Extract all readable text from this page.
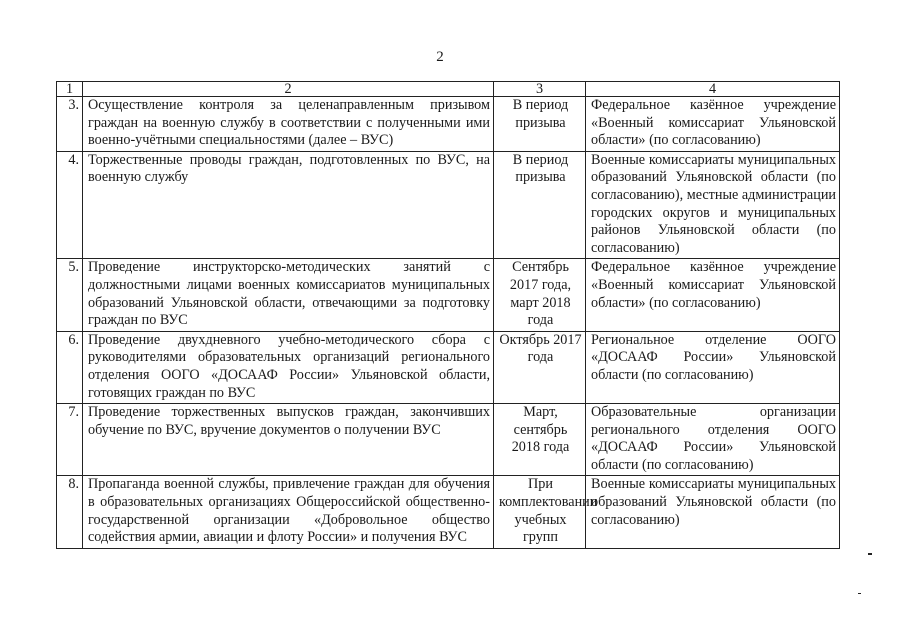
2
1	2	3	4
3.	Осуществление контроля за целенаправленным призывом граждан на военную службу в соответствии с полученными ими военно-учётными специальностями (далее – ВУС)	В период призыва	Федеральное казённое учреждение «Военный комиссариат Ульяновской области» (по согласованию)
4.	Торжественные проводы граждан, подготовленных по ВУС, на военную службу	В период призыва	Военные комиссариаты муниципальных образований Ульяновской области (по согласованию), местные администрации городских округов и муниципальных районов Ульяновской области (по согласованию)
5.	Проведение инструкторско-методических занятий с должностными лицами военных комиссариатов муниципальных образований Ульяновской области, отвечающими за подготовку граждан по ВУС	Сентябрь 2017 года, март 2018 года	Федеральное казённое учреждение «Военный комиссариат Ульяновской области» (по согласованию)
6.	Проведение двухдневного учебно-методического сбора с руководителями образовательных организаций регионального отделения ООГО «ДОСААФ России» Ульяновской области, готовящих граждан по ВУС	Октябрь 2017 года	Региональное отделение ООГО «ДОСААФ России» Ульяновской области (по согласованию)
7.	Проведение торжественных выпусков граждан, закончивших обучение по ВУС, вручение документов о получении ВУС	Март, сентябрь 2018 года	Образовательные организации регионального отделения ООГО «ДОСААФ России» Ульяновской области (по согласованию)
8.	Пропаганда военной службы, привлечение граждан для обучения в образовательных организациях Общероссийской общественно-государственной организации «Добровольное общество содействия армии, авиации и флоту России» и получения ВУС	При комплектовании учебных групп	Военные комиссариаты муниципальных образований Ульяновской области (по согласованию)
